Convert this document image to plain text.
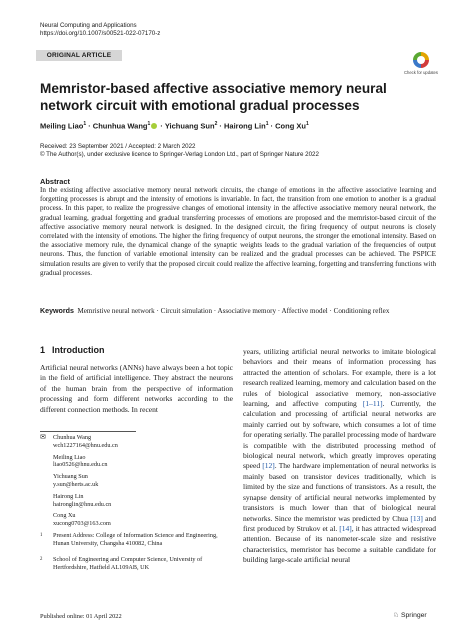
Neural Computing and Applications
https://doi.org/10.1007/s00521-022-07170-z
ORIGINAL ARTICLE
Check for updates
Memristor-based affective associative memory neural network circuit with emotional gradual processes
Meiling Liao$^1$ · Chunhua Wang$^1$ · Yichuang Sun$^2$ · Hairong Lin$^1$ · Cong Xu$^1$
Received: 23 September 2021 / Accepted: 2 March 2022
© The Author(s), under exclusive licence to Springer-Verlag London Ltd., part of Springer Nature 2022
Abstract
In the existing affective associative memory neural network circuits, the change of emotions in the affective associative learning and forgetting processes is abrupt and the intensity of emotions is invariable. In fact, the transition from one emotion to another is a gradual process. In this paper, to realize the progressive changes of emotional intensity in the affective associative memory neural network, the gradual learning, gradual forgetting and gradual transferring processes of emotions are proposed and the memristor-based circuit of the affective associative memory neural network is designed. In the designed circuit, the firing frequency of output neurons is closely correlated with the intensity of emotions. The higher the firing frequency of output neurons, the stronger the emotional intensity. Based on the associative memory rule, the dynamical change of the synaptic weights leads to the gradual variation of the frequencies of output neurons. Thus, the function of variable emotional intensity can be realized and the gradual processes can be achieved. The PSPICE simulation results are given to verify that the proposed circuit could realize the affective learning, forgetting and transferring functions with gradual processes.
Keywords Memristive neural network · Circuit simulation · Associative memory · Affective model · Conditioning reflex
1 Introduction
Artificial neural networks (ANNs) have always been a hot topic in the field of artificial intelligence. They abstract the neurons of the human brain from the perspective of information processing and form different networks according to the different connection methods. In recent
years, utilizing artificial neural networks to imitate biological behaviors and their means of information processing has attracted the attention of scholars. For example, there is a lot research realized learning, memory and calculation based on the rules of biological associative memory, non-associative learning, and affective computing [1–11]. Currently, the calculation and processing of artificial neural networks are mainly carried out by software, which consumes a lot of time for operating serially. The parallel processing mode of hardware is compatible with the distributed processing method of biological neural network, which greatly improves operating speed [12]. The hardware implementation of neural networks is mainly based on transistor devices traditionally, which is limited by the size and functions of transistors. As a result, the synapse density of artificial neural networks implemented by transistors is much lower than that of biological neural networks. Since the memristor was predicted by Chua [13] and first produced by Strukov et al. [14], it has attracted widespread attention. Because of its nanometer-scale size and resistive characteristics, memristor has become a suitable candidate for building large-scale artificial neural
✉ Chunhua Wang
wch1227164@hnu.edu.cn
Meiling Liao
liao0526@hnu.edu.cn
Yichuang Sun
y.sun@herts.ac.uk
Hairong Lin
haironglin@hnu.edu.cn
Cong Xu
xucong0703@163.com
1 Present Address: College of Information Science and Engineering, Hunan University, Changsha 410082, China
2 School of Engineering and Computer Science, University of Hertfordshire, Hatfield AL109AB, UK
Published online: 01 April 2022	♘ Springer
